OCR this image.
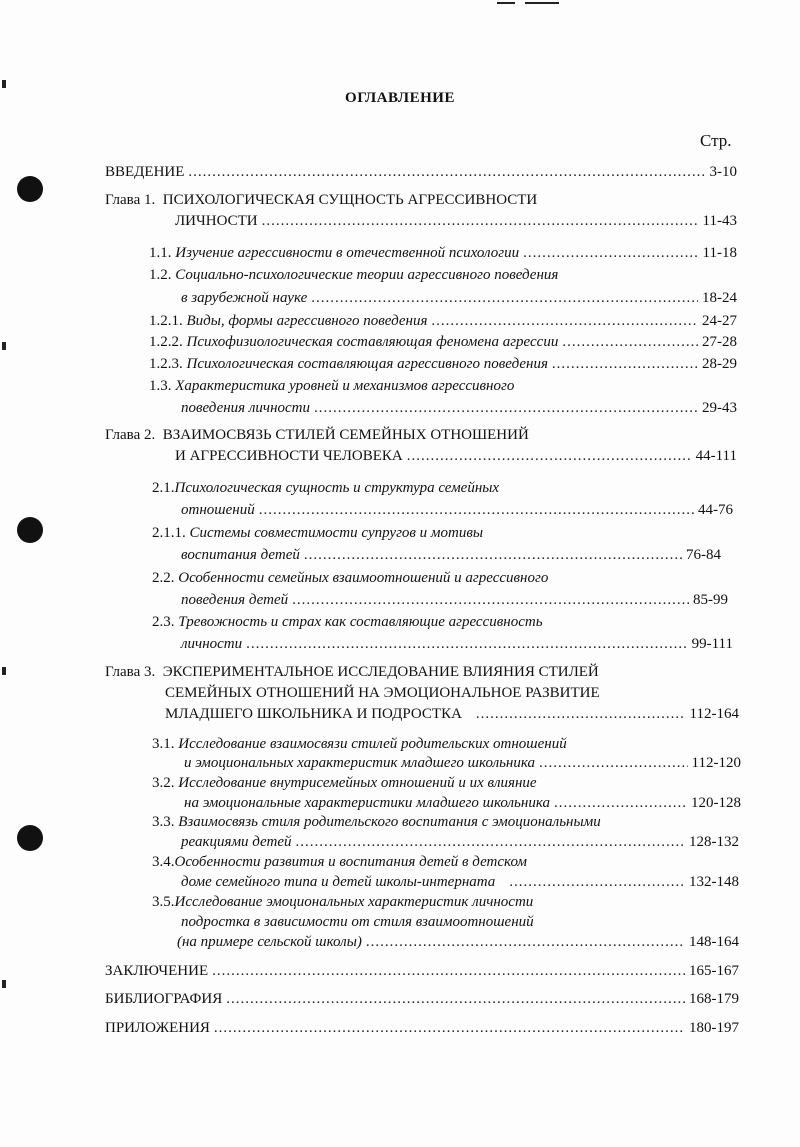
ОГЛАВЛЕНИЕ
Стр.
ВВЕДЕНИЕ .....	3-10
Глава 1. ПСИХОЛОГИЧЕСКАЯ СУЩНОСТЬ АГРЕССИВНОСТИ
ЛИЧНОСТИ .....	11-43
1.1.
Изучение агрессивности в отечественной психологии .....	11-18
1.2. Социально-психологические теории агрессивного поведения
в зарубежной науке .....	18-24
1.2.1.
Виды, формы агрессивного поведения .....	24-27
1.2.2.
Психофизиологическая составляющая феномена агрессии .....	27-28
1.2.3.
Психологическая составляющая агрессивного поведения .....	28-29
1.3. Характеристика уровней и механизмов агрессивного
поведения личности .....	29-43
Глава 2. ВЗАИМОСВЯЗЬ СТИЛЕЙ СЕМЕЙНЫХ ОТНОШЕНИЙ
И АГРЕССИВНОСТИ ЧЕЛОВЕКА .....	44-111
2.1.Психологическая сущность и структура семейных
отношений .....	44-76
2.1.1. Системы совместимости супругов и мотивы
воспитания детей .....	76-84
2.2. Особенности семейных взаимоотношений и агрессивного
поведения детей .....	85-99
2.3. Тревожность и страх как составляющие агрессивность
личности .....	99-111
Глава 3. ЭКСПЕРИМЕНТАЛЬНОЕ ИССЛЕДОВАНИЕ ВЛИЯНИЯ СТИЛЕЙ
СЕМЕЙНЫХ ОТНОШЕНИЙ НА ЭМОЦИОНАЛЬНОЕ РАЗВИТИЕ
МЛАДШЕГО ШКОЛЬНИКА И ПОДРОСТКА .....	112-164
3.1. Исследование взаимосвязи стилей родительских отношений
и эмоциональных характеристик младшего школьника .....	112-120
3.2. Исследование внутрисемейных отношений и их влияние
на эмоциональные характеристики младшего школьника .....	120-128
3.3. Взаимосвязь стиля родительского воспитания с эмоциональными
реакциями детей .....	128-132
3.4.Особенности развития и воспитания детей в детском
доме семейного типа и детей школы-интерната .....	132-148
3.5.Исследование эмоциональных характеристик личности
подростка в зависимости от стиля взаимоотношений
(на примере сельской школы) .....	148-164
ЗАКЛЮЧЕНИЕ .....	165-167
БИБЛИОГРАФИЯ .....	168-179
ПРИЛОЖЕНИЯ .....	180-197
